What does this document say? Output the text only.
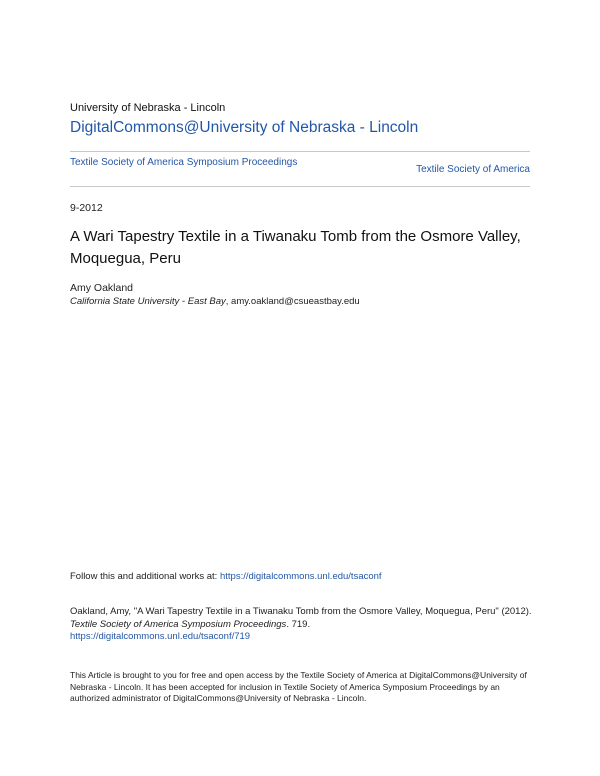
University of Nebraska - Lincoln
DigitalCommons@University of Nebraska - Lincoln
Textile Society of America Symposium Proceedings
Textile Society of America
9-2012
A Wari Tapestry Textile in a Tiwanaku Tomb from the Osmore Valley, Moquegua, Peru
Amy Oakland
California State University - East Bay, amy.oakland@csueastbay.edu
Follow this and additional works at: https://digitalcommons.unl.edu/tsaconf
Oakland, Amy, "A Wari Tapestry Textile in a Tiwanaku Tomb from the Osmore Valley, Moquegua, Peru" (2012). Textile Society of America Symposium Proceedings. 719.
https://digitalcommons.unl.edu/tsaconf/719
This Article is brought to you for free and open access by the Textile Society of America at DigitalCommons@University of Nebraska - Lincoln. It has been accepted for inclusion in Textile Society of America Symposium Proceedings by an authorized administrator of DigitalCommons@University of Nebraska - Lincoln.
